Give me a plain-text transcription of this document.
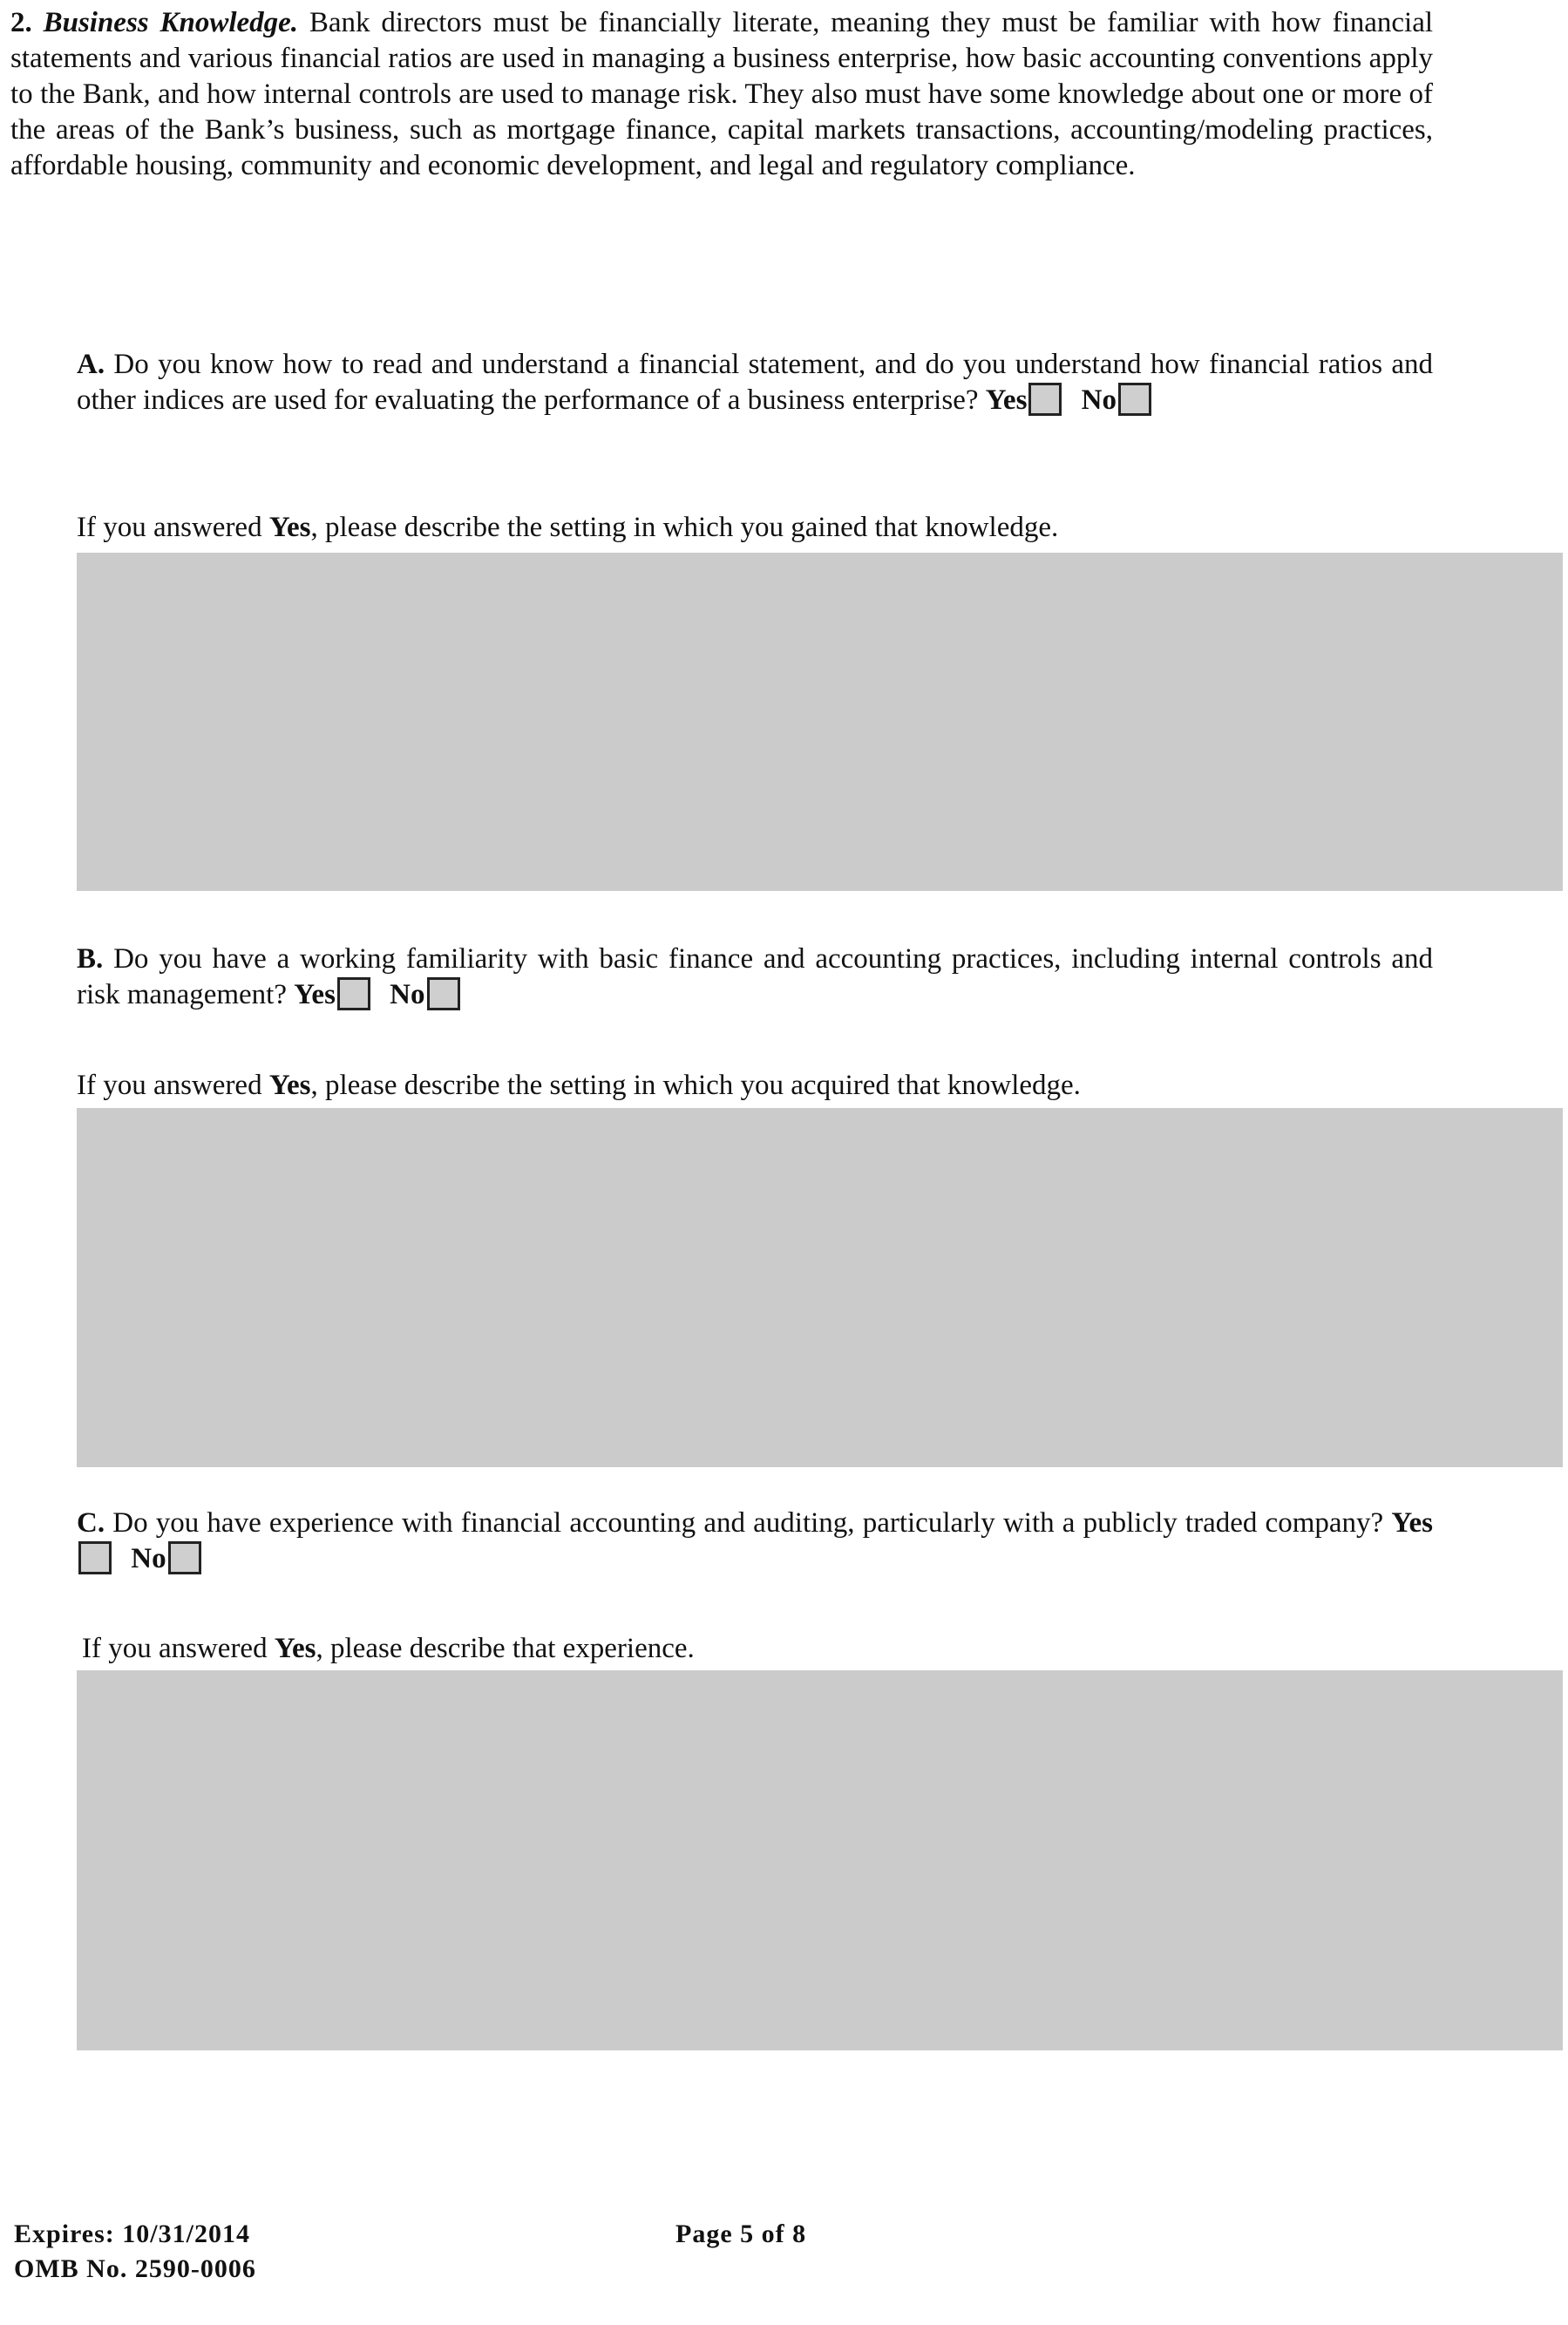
2. Business Knowledge. Bank directors must be financially literate, meaning they must be familiar with how financial statements and various financial ratios are used in managing a business enterprise, how basic accounting conventions apply to the Bank, and how internal controls are used to manage risk. They also must have some knowledge about one or more of the areas of the Bank’s business, such as mortgage finance, capital markets transactions, accounting/modeling practices, affordable housing, community and economic development, and legal and regulatory compliance.
A. Do you know how to read and understand a financial statement, and do you understand how financial ratios and other indices are used for evaluating the performance of a business enterprise? Yes No
If you answered Yes, please describe the setting in which you gained that knowledge.
B. Do you have a working familiarity with basic finance and accounting practices, including internal controls and risk management? Yes No
If you answered Yes, please describe the setting in which you acquired that knowledge.
C. Do you have experience with financial accounting and auditing, particularly with a publicly traded company? Yes No
If you answered Yes, please describe that experience.
Expires: 10/31/2014
OMB No. 2590-0006
Page 5 of 8
